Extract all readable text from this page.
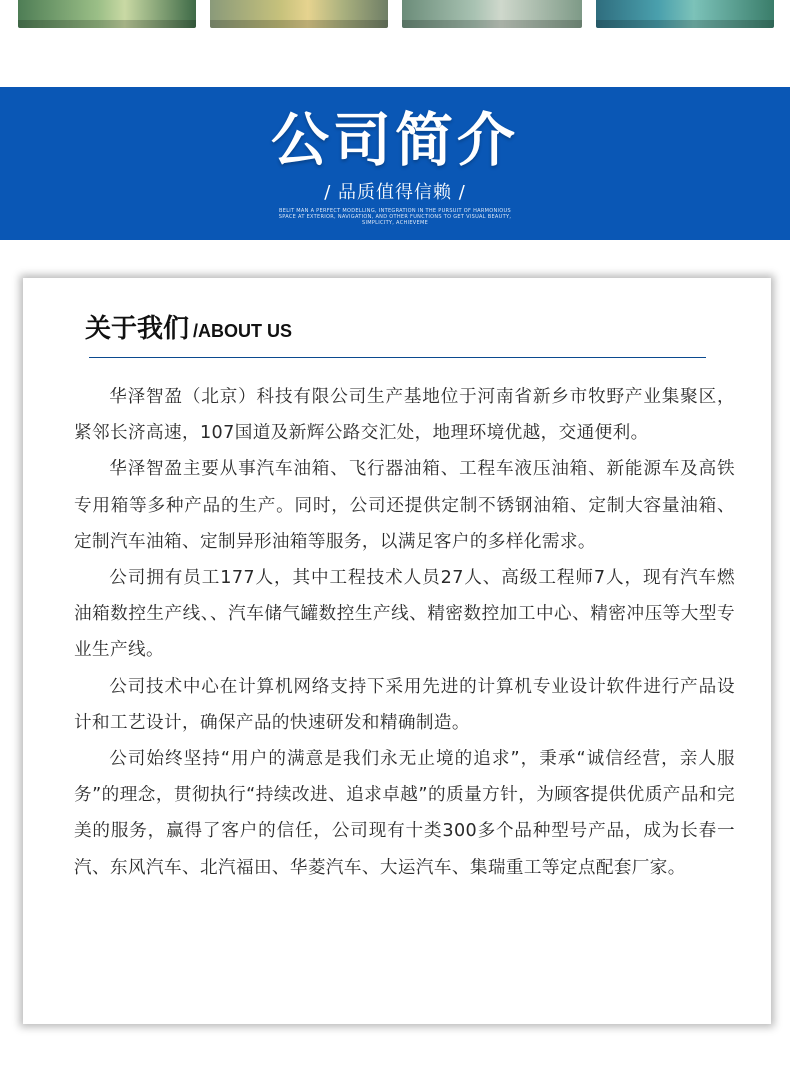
公司简介
/ 品质值得信赖 /
BELIT MAN A PERFECT MODELLING, INTEGRATION IN THE PURSUIT OF HARMONIOUS SPACE AT EXTERIOR, NAVIGATION, AND OTHER FUNCTIONS TO GET VISUAL BEAUTY, SIMPLICITY, ACHIEVEME
关于我们 /ABOUT US

华泽智盈（北京）科技有限公司生产基地位于河南省新乡市牧野产业集聚区，紧邻长济高速，107国道及新辉公路交汇处，地理环境优越，交通便利。

华泽智盈主要从事汽车油箱、飞行器油箱、工程车液压油箱、新能源车及高铁专用箱等多种产品的生产。同时，公司还提供定制不锈钢油箱、定制大容量油箱、定制汽车油箱、定制异形油箱等服务，以满足客户的多样化需求。

公司拥有员工177人，其中工程技术人员27人、高级工程师7人，现有汽车燃油箱数控生产线、、汽车储气罐数控生产线、精密数控加工中心、精密冲压等大型专业生产线。

公司技术中心在计算机网络支持下采用先进的计算机专业设计软件进行产品设计和工艺设计，确保产品的快速研发和精确制造。

公司始终坚持“用户的满意是我们永无止境的追求”，秉承“诚信经营，亲人服务”的理念，贯彻执行“持续改进、追求卓越”的质量方针，为顾客提供优质产品和完美的服务，赢得了客户的信任，公司现有十类300多个品种型号产品，成为长春一汽、东风汽车、北汽福田、华菱汽车、大运汽车、集瑞重工等定点配套厂家。
